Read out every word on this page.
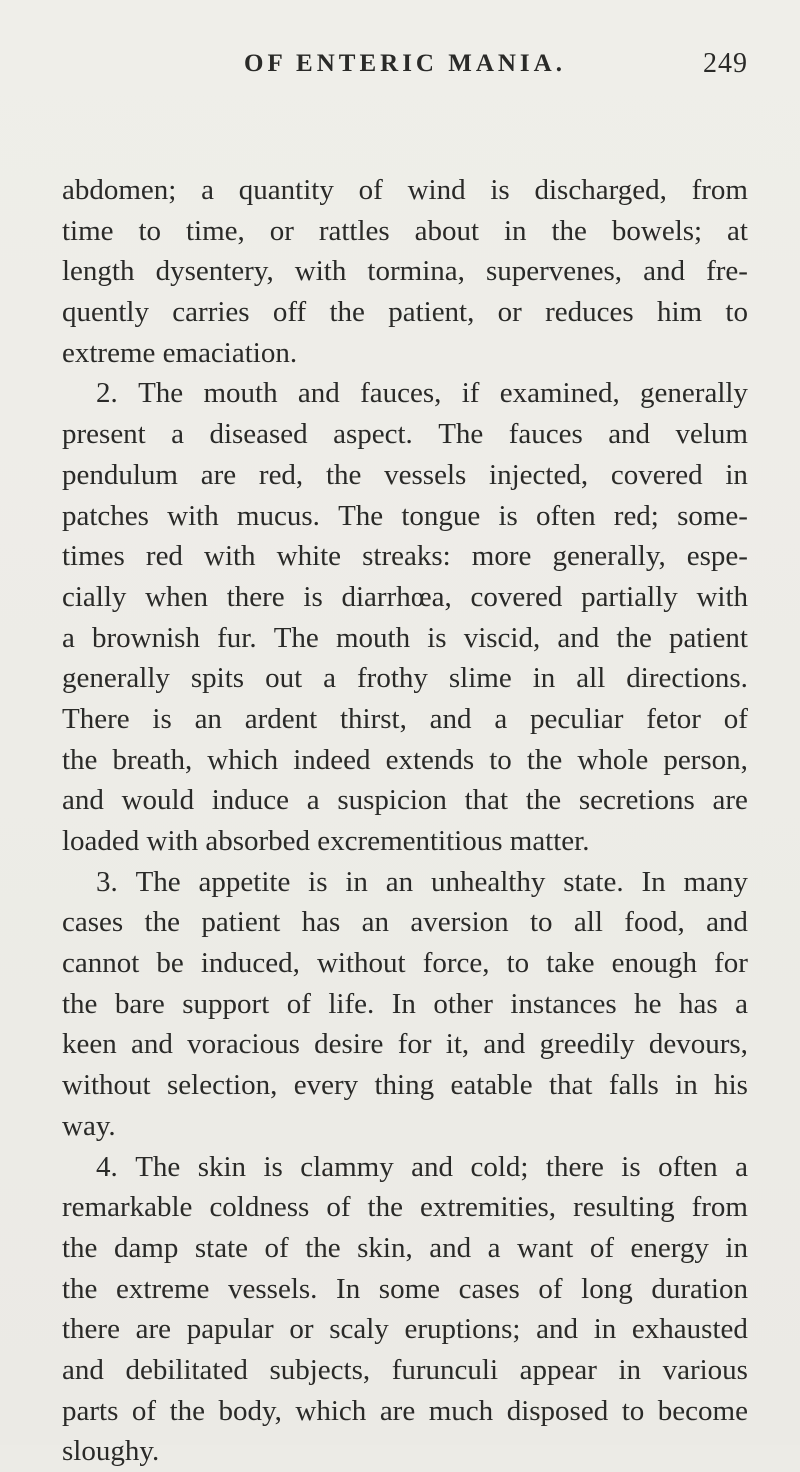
OF ENTERIC MANIA.	249
abdomen; a quantity of wind is discharged, from
time to time, or rattles about in the bowels; at
length dysentery, with tormina, supervenes, and fre-
quently carries off the patient, or reduces him to
extreme emaciation.
2. The mouth and fauces, if examined, generally
present a diseased aspect. The fauces and velum
pendulum are red, the vessels injected, covered in
patches with mucus. The tongue is often red; some-
times red with white streaks: more generally, espe-
cially when there is diarrhœa, covered partially with
a brownish fur. The mouth is viscid, and the patient
generally spits out a frothy slime in all directions.
There is an ardent thirst, and a peculiar fetor of
the breath, which indeed extends to the whole person,
and would induce a suspicion that the secretions are
loaded with absorbed excrementitious matter.
3. The appetite is in an unhealthy state. In many
cases the patient has an aversion to all food, and
cannot be induced, without force, to take enough for
the bare support of life. In other instances he has a
keen and voracious desire for it, and greedily devours,
without selection, every thing eatable that falls in his
way.
4. The skin is clammy and cold; there is often a
remarkable coldness of the extremities, resulting from
the damp state of the skin, and a want of energy in
the extreme vessels. In some cases of long duration
there are papular or scaly eruptions; and in exhausted
and debilitated subjects, furunculi appear in various
parts of the body, which are much disposed to become
sloughy.
